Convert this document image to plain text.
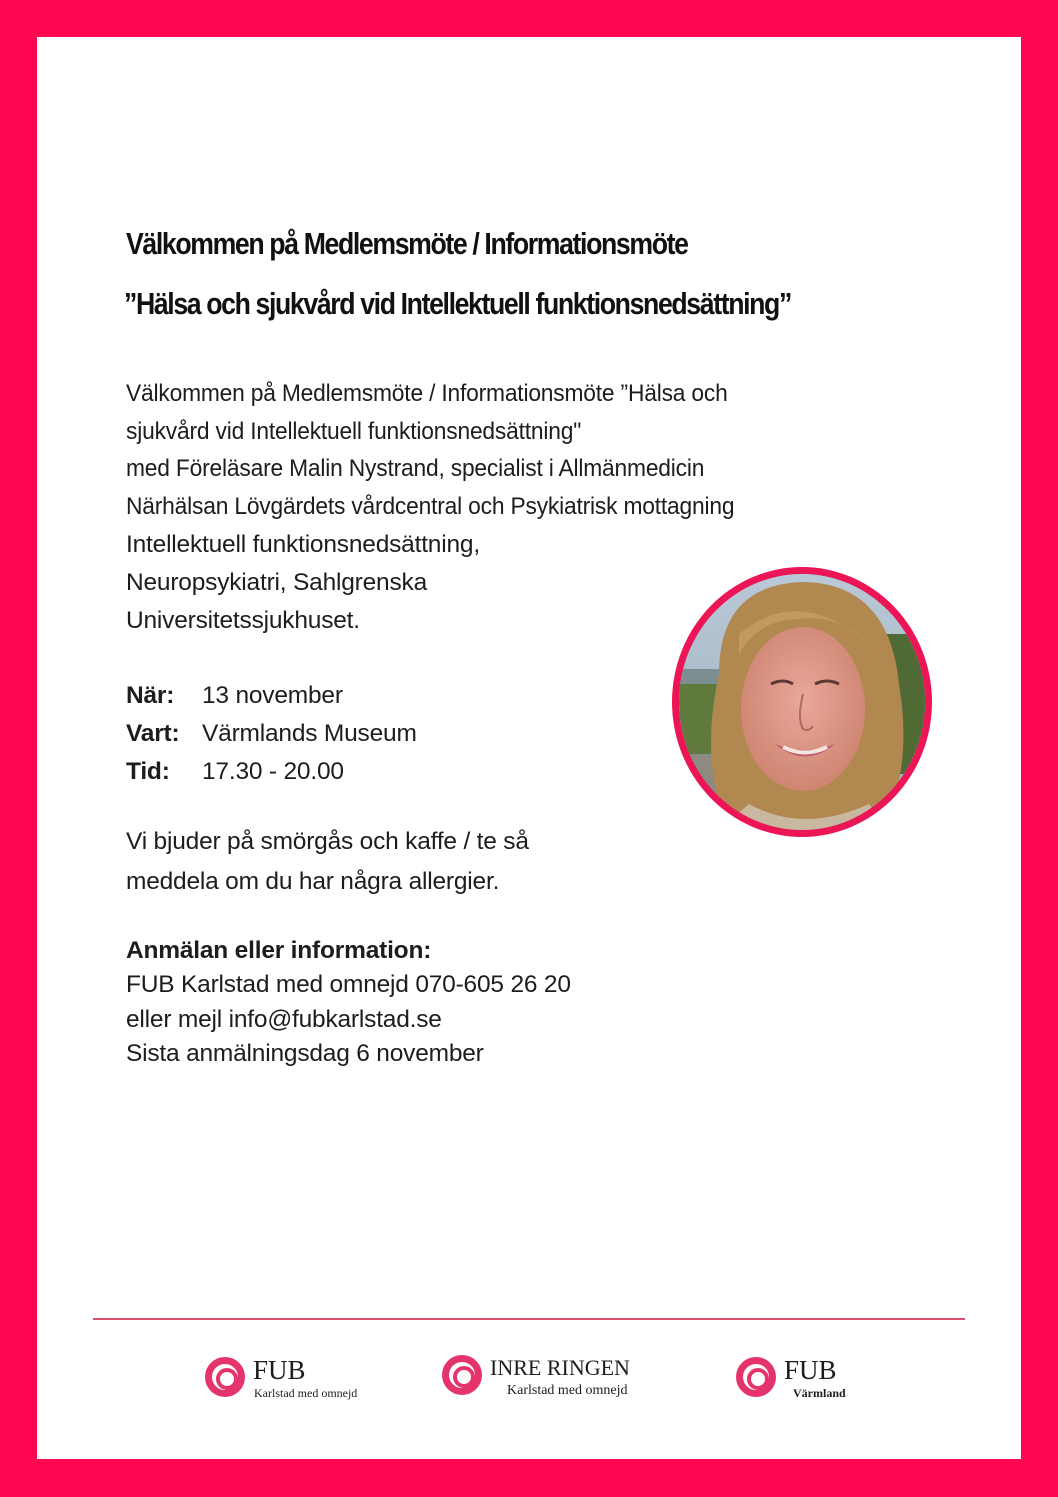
Välkommen på Medlemsmöte / Informationsmöte
”Hälsa och sjukvård vid Intellektuell funktionsnedsättning”
Välkommen på Medlemsmöte / Informationsmöte ”Hälsa och
sjukvård vid Intellektuell funktionsnedsättning"
med Föreläsare Malin Nystrand, specialist i Allmänmedicin
Närhälsan Lövgärdets vårdcentral och Psykiatrisk mottagning
Intellektuell funktionsnedsättning,
Neuropsykiatri, Sahlgrenska
Universitetssjukhuset.
När: 13 november
Vart: Värmlands Museum
Tid: 17.30 - 20.00
Vi bjuder på smörgås och kaffe / te så
meddela om du har några allergier.
Anmälan eller information:
FUB Karlstad med omnejd 070-605 26 20
eller mejl info@fubkarlstad.se
Sista anmälningsdag 6 november
FUB
Karlstad med omnejd
INRE RINGEN
Karlstad med omnejd
FUB
Värmland
